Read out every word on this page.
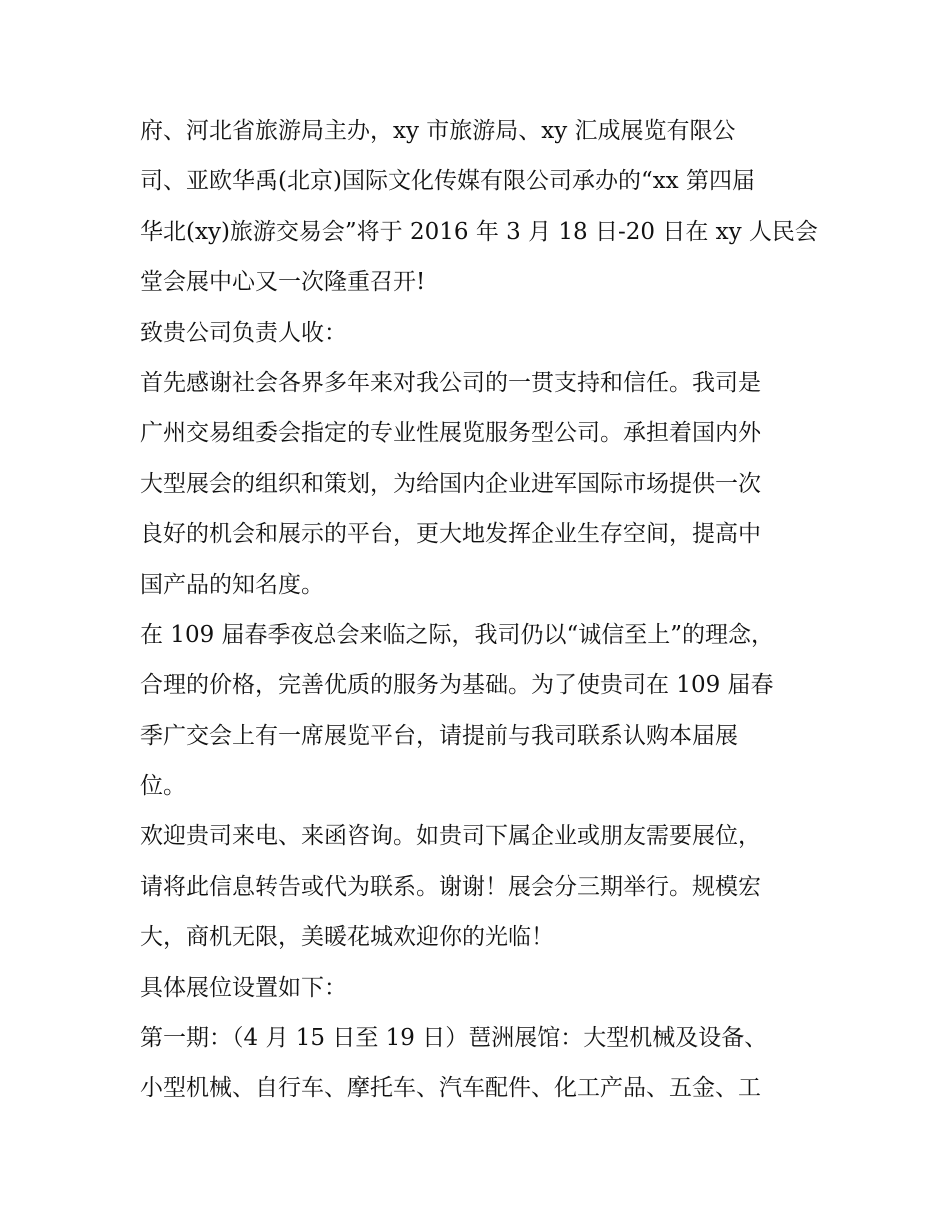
府、河北省旅游局主办，xy 市旅游局、xy 汇成展览有限公
司、亚欧华禹(北京)国际文化传媒有限公司承办的“xx 第四届
华北(xy)旅游交易会”将于 2016 年 3 月 18 日-20 日在 xy 人民会
堂会展中心又一次隆重召开!
致贵公司负责人收：
首先感谢社会各界多年来对我公司的一贯支持和信任。我司是
广州交易组委会指定的专业性展览服务型公司。承担着国内外
大型展会的组织和策划，为给国内企业进军国际市场提供一次
良好的机会和展示的平台，更大地发挥企业生存空间，提高中
国产品的知名度。
在 109 届春季夜总会来临之际，我司仍以“诚信至上”的理念，
合理的价格，完善优质的服务为基础。为了使贵司在 109 届春
季广交会上有一席展览平台，请提前与我司联系认购本届展
位。
欢迎贵司来电、来函咨询。如贵司下属企业或朋友需要展位，
请将此信息转告或代为联系。谢谢！展会分三期举行。规模宏
大，商机无限，美暖花城欢迎你的光临！
具体展位设置如下：
第一期：（4 月 15 日至 19 日）琶洲展馆：大型机械及设备、
小型机械、自行车、摩托车、汽车配件、化工产品、五金、工
